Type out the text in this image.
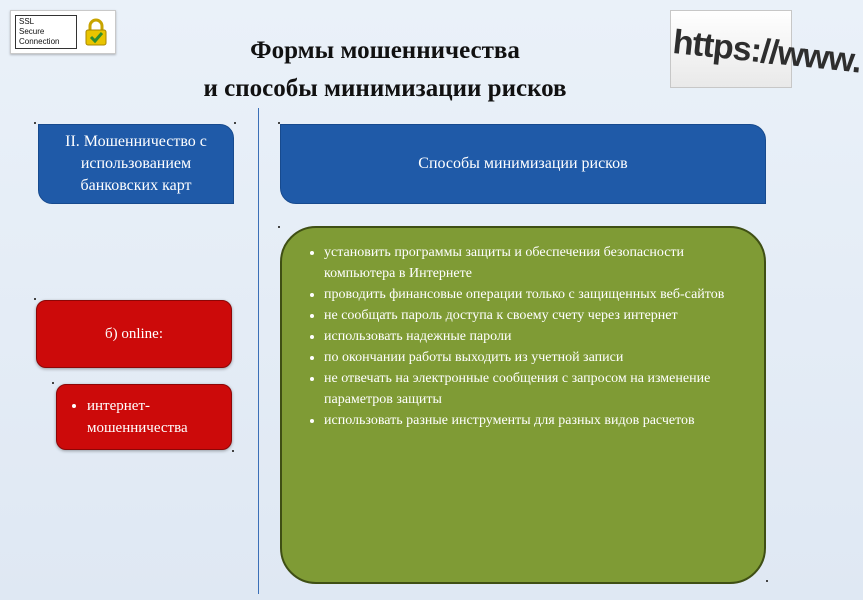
SSL
Secure
Connection	https://www.
Формы мошенничества
и способы минимизации рисков
II. Мошенничество с использованием банковских карт
Способы минимизации рисков
б) online:
• интернет-мошенничества
• установить программы защиты и обеспечения безопасности компьютера в Интернете
• проводить финансовые операции только с защищенных веб-сайтов
• не сообщать пароль доступа к своему счету через интернет
• использовать надежные пароли
• по окончании работы выходить из учетной записи
• не отвечать на электронные сообщения с запросом на изменение параметров защиты
• использовать разные инструменты для разных видов расчетов
